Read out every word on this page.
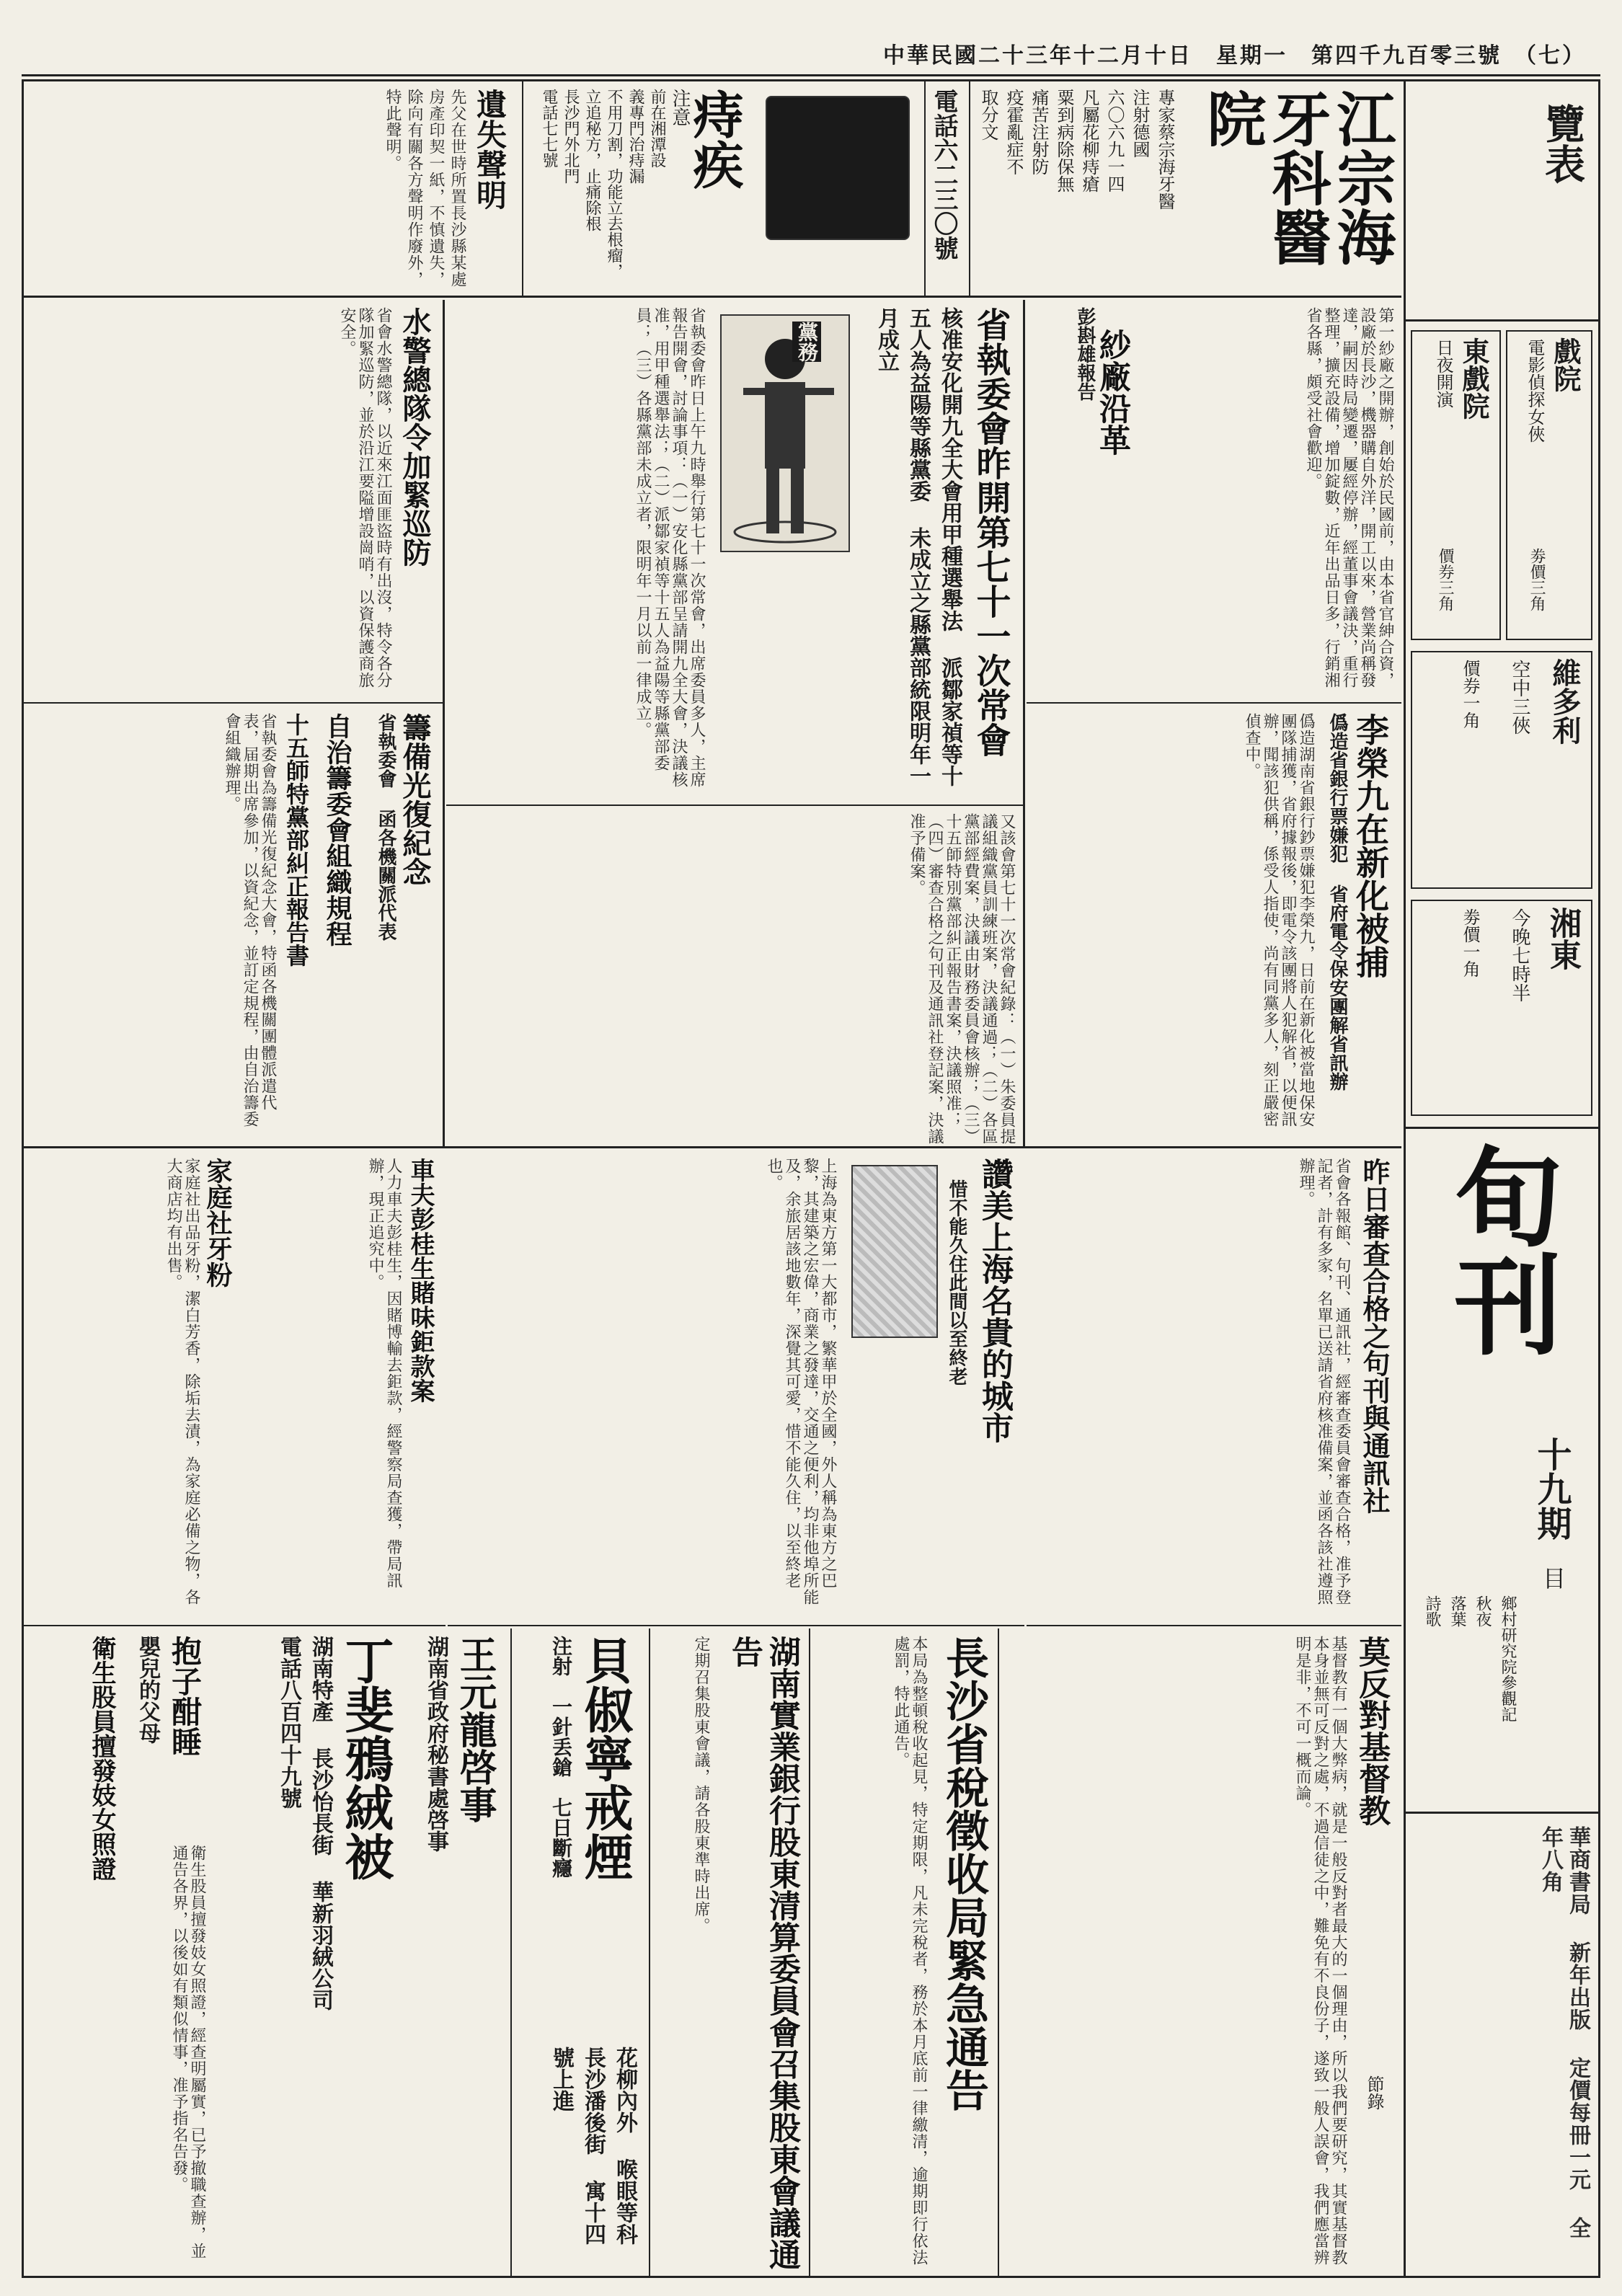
中華民國二十三年十二月十日　星期一　第四千九百零三號　（七）
覽表
戲院
電影偵探女俠
劵價三角
東戲院
日夜開演
價券三角
維多利
空中三俠
價券一角
湘東
今晚七時半
劵價一角
旬刊
十九期
目
鄉村研究院參觀記
秋夜
落葉
詩歌
華商書局 新年出版 定價每冊一元 全年八角
江宗海牙科醫院
專家蔡宗海牙醫
注射德國
六〇六九一四
凡屬花柳痔瘡
粟到病除保無
痛苦注射防
疫霍亂症不
取分文
電話六二三〇號
痔疾
注意
前在湘潭設
義專門治痔漏
不用刀割，功能立去根瘤，
立追秘方，止痛除根
長沙門外北門
電話七七號
遺失聲明
先父在世時所置長沙縣某處房產印契一紙，不慎遺失，除向有關各方聲明作廢外，特此聲明。
彭斟雄報告
紗廠沿革	第一紗廠之開辦，創始於民國前，由本省官紳合資，設廠於長沙，機器購自外洋，開工以來，營業尚稱發達，嗣因時局變遷，屢經停辦，經董事會議決，重行整理，擴充設備，增加錠數，近年出品日多，行銷湘省各縣，頗受社會歡迎。
李榮九在新化被捕
僞造省銀行票嫌犯 省府電令保安團解省訊辦
僞造湖南省銀行鈔票嫌犯李榮九，日前在新化被當地保安團隊捕獲，省府據報後，即電令該團將人犯解省，以便訊辦，聞該犯供稱，係受人指使，尚有同黨多人，刻正嚴密偵查中。
省執委會昨開第七十一次常會
核准安化開九全大會用甲種選舉法 派鄒家禎等十五人為益陽等縣黨委 未成立之縣黨部統限明年一月成立
黨務
省執委會昨日上午九時舉行第七十一次常會，出席委員多人，主席報告開會，討論事項：（一）安化縣黨部呈請開九全大會，決議核准，用甲種選舉法；（二）派鄒家禎等十五人為益陽等縣黨部委員；（三）各縣黨部未成立者，限明年一月以前一律成立。
又該會第七十一次常會紀錄：（一）朱委員提議組織黨員訓練班案，決議通過；（二）各區黨部經費案，決議由財務委員會核辦；（三）十五師特別黨部糾正報告書案，決議照准；（四）審查合格之句刊及通訊社登記案，決議准予備案。
水警總隊令加緊巡防
省會水警總隊，以近來江面匪盜時有出沒，特令各分隊加緊巡防，並於沿江要隘增設崗哨，以資保護商旅安全。
籌備光復紀念
省執委會 函各機關派代表
自治籌委會組織規程
十五師特黨部糾正報告書
省執委會為籌備光復紀念大會，特函各機關團體派遣代表，届期出席參加，以資紀念，並訂定規程，由自治籌委會組織辦理。
昨日審查合格之句刊與通訊社
省會各報館、句刊、通訊社，經審查委員會審查合格，准予登記者，計有多家，名單已送請省府核准備案，並函各該社遵照辦理。
讚美上海名貴的城市
惜不能久住此間以至終老
上海為東方第一大都市，繁華甲於全國，外人稱為東方之巴黎，其建築之宏偉，商業之發達，交通之便利，均非他埠所能及，余旅居該地數年，深覺其可愛，惜不能久住，以至終老也。
車夫彭桂生賭味鉅款案
家庭社牙粉	人力車夫彭桂生，因賭博輸去鉅款，經警察局查獲，帶局訊辦，現正追究中。
家庭社出品牙粉，潔白芳香，除垢去漬，為家庭必備之物，各大商店均有出售。
莫反對基督教
節錄
基督教有一個大弊病，就是一般反對者最大的一個理由，所以我們要研究，其實基督教本身並無可反對之處，不過信徒之中，難免有不良份子，遂致一般人誤會，我們應當辨明是非，不可一概而論。
長沙省稅徵收局緊急通告
本局為整頓稅收起見，特定期限，凡未完稅者，務於本月底前一律繳清，逾期即行依法處罰，特此通告。
湖南實業銀行股東清算委員會召集股東會議通告
定期召集股東會議，請各股東準時出席。
貝俶寧戒煙
注射　一針丢鎗　七日斷癮
花柳內外 喉眼等科 長沙潘後街 寓十四號上進
王元龍啓事
湖南省政府秘書處啓事
丁斐鴉絨被
湖南特產 長沙怡長街 華新羽絨公司 電話八百四十九號
抱子酣睡
嬰兒的父母
衛生股員擅發妓女照證
衛生股員擅發妓女照證，經查明屬實，已予撤職查辦，並通告各界，以後如有類似情事，准予指名告發。
